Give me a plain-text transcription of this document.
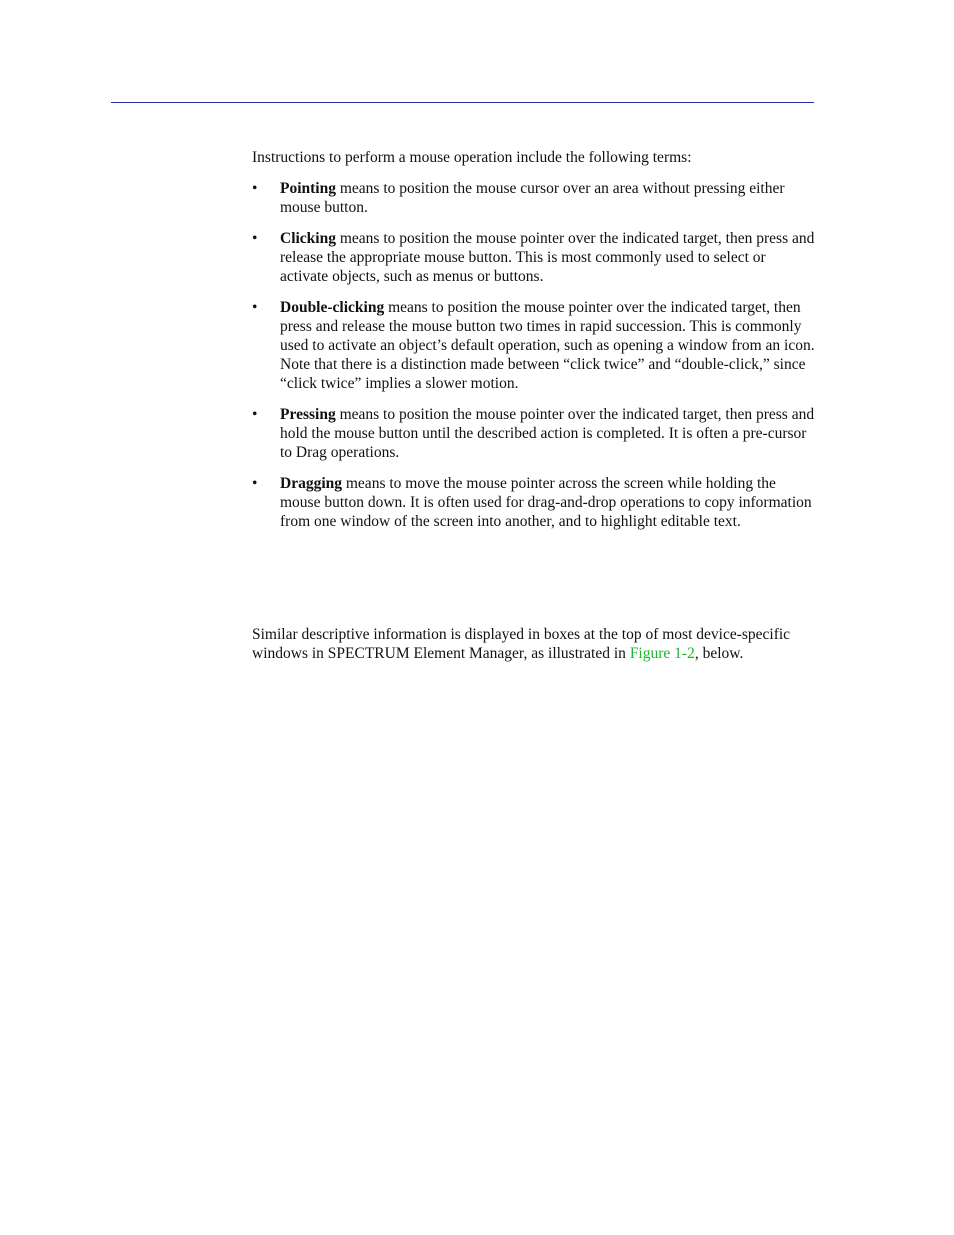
Instructions to perform a mouse operation include the following terms:

• Pointing means to position the mouse cursor over an area without pressing either mouse button.
• Clicking means to position the mouse pointer over the indicated target, then press and release the appropriate mouse button. This is most commonly used to select or activate objects, such as menus or buttons.
• Double-clicking means to position the mouse pointer over the indicated target, then press and release the mouse button two times in rapid succession. This is commonly used to activate an object’s default operation, such as opening a window from an icon. Note that there is a distinction made between “click twice” and “double-click,” since “click twice” implies a slower motion.
• Pressing means to position the mouse pointer over the indicated target, then press and hold the mouse button until the described action is completed. It is often a pre-cursor to Drag operations.
• Dragging means to move the mouse pointer across the screen while holding the mouse button down. It is often used for drag-and-drop operations to copy information from one window of the screen into another, and to highlight editable text.

Similar descriptive information is displayed in boxes at the top of most device-specific windows in SPECTRUM Element Manager, as illustrated in Figure 1-2, below.
